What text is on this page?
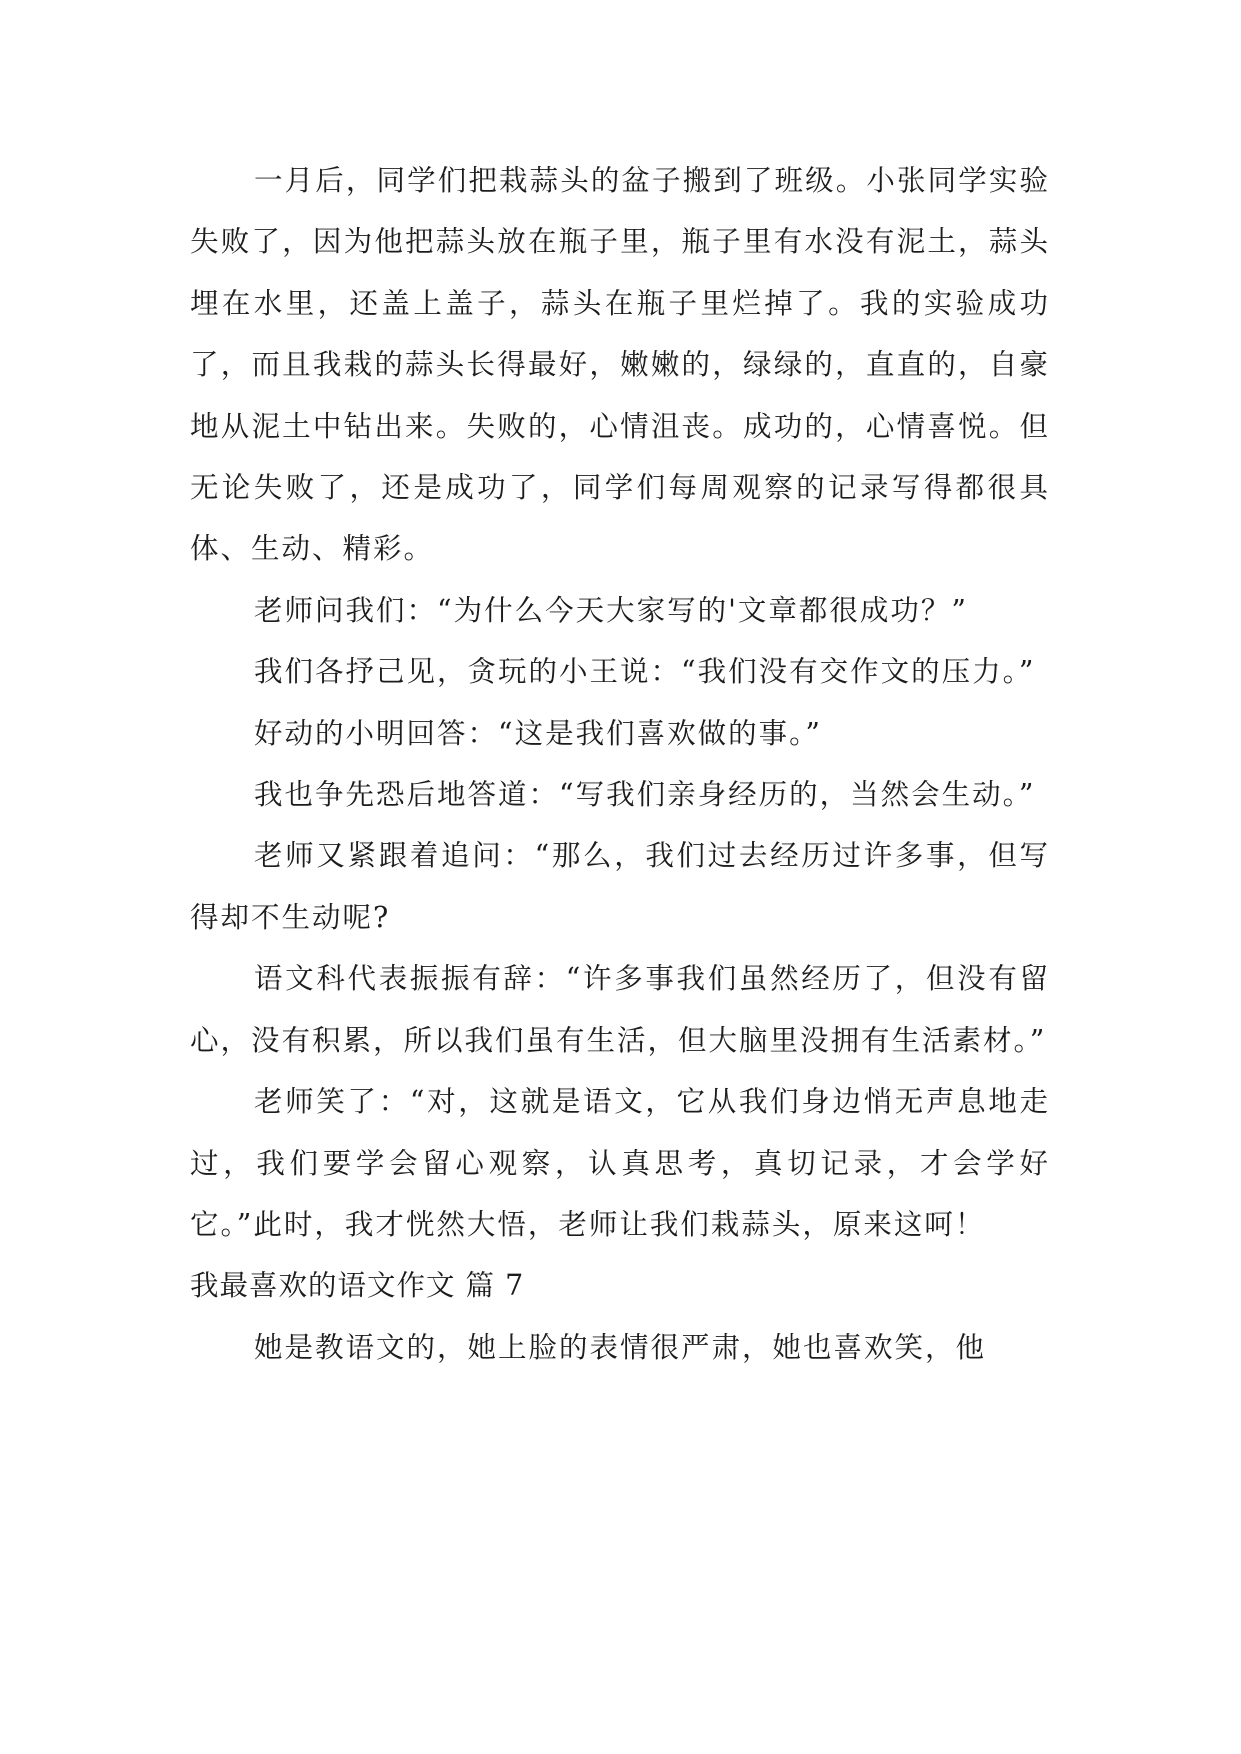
一月后，同学们把栽蒜头的盆子搬到了班级。小张同学实验失败了，因为他把蒜头放在瓶子里，瓶子里有水没有泥土，蒜头埋在水里，还盖上盖子，蒜头在瓶子里烂掉了。我的实验成功了，而且我栽的蒜头长得最好，嫩嫩的，绿绿的，直直的，自豪地从泥土中钻出来。失败的，心情沮丧。成功的，心情喜悦。但无论失败了，还是成功了，同学们每周观察的记录写得都很具体、生动、精彩。

老师问我们：“为什么今天大家写的'文章都很成功？”

我们各抒己见，贪玩的小王说：“我们没有交作文的压力。”

好动的小明回答：“这是我们喜欢做的事。”

我也争先恐后地答道：“写我们亲身经历的，当然会生动。”

老师又紧跟着追问：“那么，我们过去经历过许多事，但写得却不生动呢?

语文科代表振振有辞：“许多事我们虽然经历了，但没有留心，没有积累，所以我们虽有生活，但大脑里没拥有生活素材。”

老师笑了：“对，这就是语文，它从我们身边悄无声息地走过，我们要学会留心观察，认真思考，真切记录，才会学好它。”此时，我才恍然大悟，老师让我们栽蒜头，原来这呵！

我最喜欢的语文作文 篇 7

她是教语文的，她上脸的表情很严肃，她也喜欢笑，他
